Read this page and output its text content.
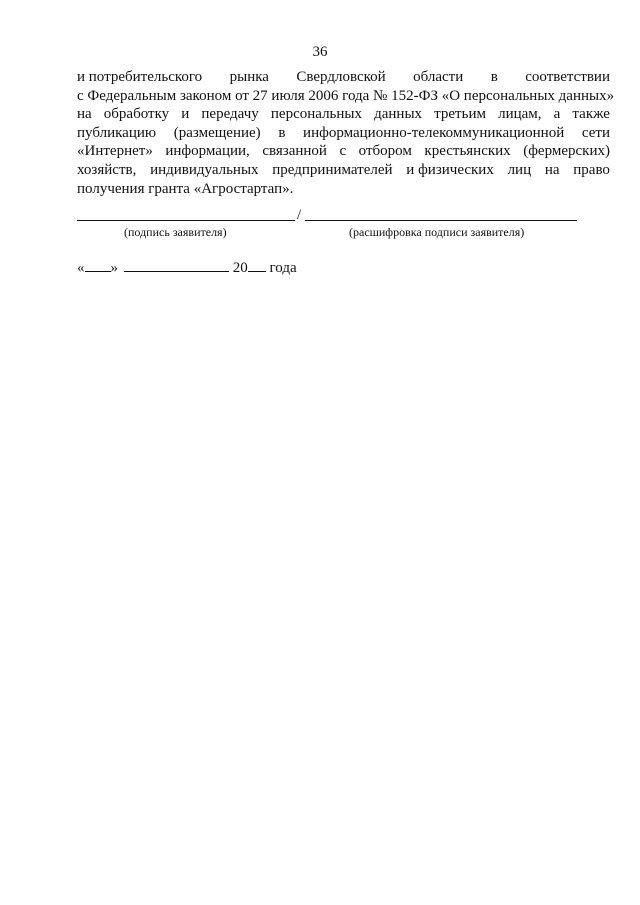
36
и потребительского рынка Свердловской области в соответствии
с Федеральным законом от 27 июля 2006 года № 152-ФЗ «О персональных данных»
на обработку и передачу персональных данных третьим лицам, а также
публикацию (размещение) в информационно-телекоммуникационной сети
«Интернет» информации, связанной с отбором крестьянских (фермерских)
хозяйств, индивидуальных предпринимателей и физических лиц на право
получения гранта «Агростартап».
/
(подпись заявителя)	(расшифровка подписи заявителя)
« »	20 года
